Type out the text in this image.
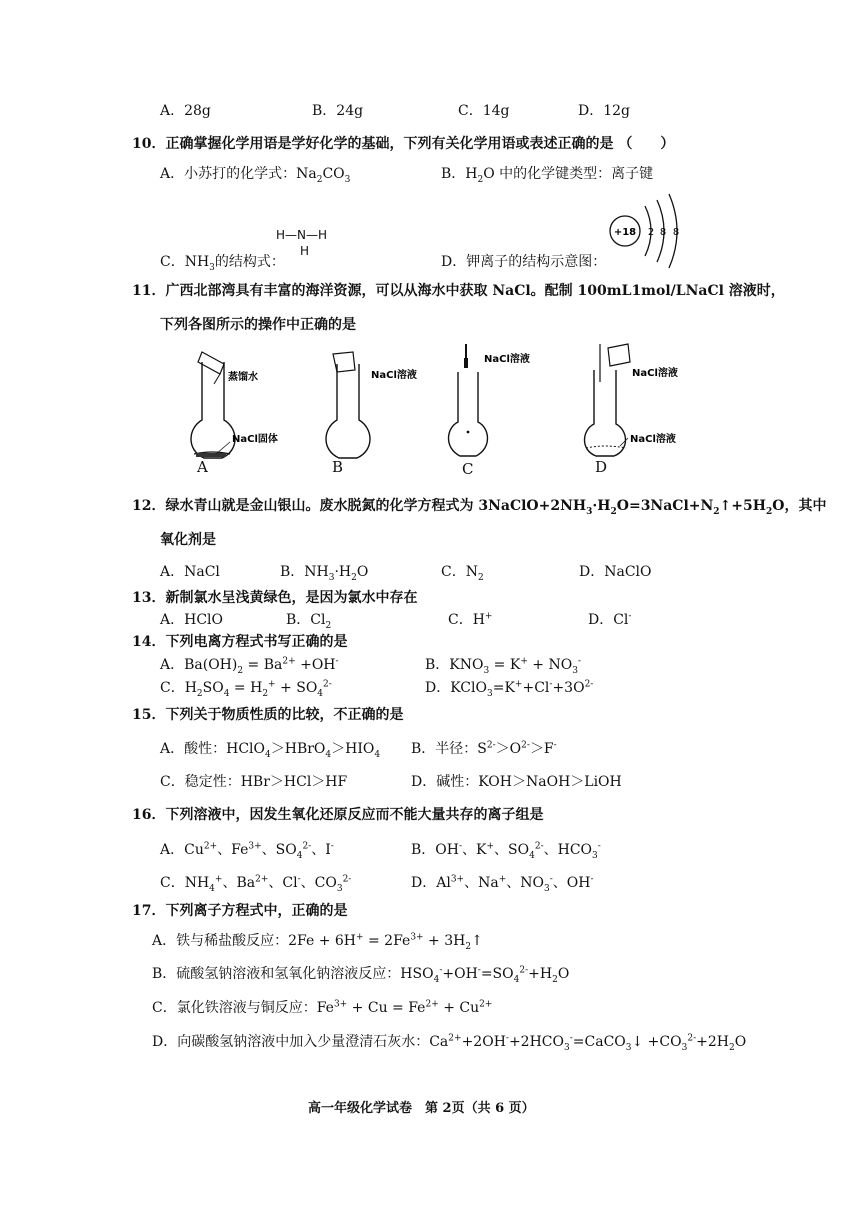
A．28g	B．24g	C．14g	D．12g
10．正确掌握化学用语是学好化学的基础，下列有关化学用语或表述正确的是 （　　）
A．小苏打的化学式：$Na_2CO_3$	B．$H_2O$ 中的化学键类型：离子键
H—N—H
H
C．$NH_3$的结构式：	D．钾离子的结构示意图：
+18 2 8 8
11．广西北部湾具有丰富的海洋资源，可以从海水中获取 NaCl。配制 100mL1mol/LNaCl 溶液时，
下列各图所示的操作中正确的是
蒸馏水
NaCl固体
A
NaCl溶液
B
NaCl溶液
C
NaCl溶液
NaCl溶液
D
12．绿水青山就是金山银山。废水脱氮的化学方程式为 $3NaClO+2NH_3\cdot H_2O=3NaCl+N_2↑+5H_2O$，其中
氧化剂是
A．NaCl	B．$NH_3\cdot H_2O$	C．$N_2$	D．NaClO
13．新制氯水呈浅黄绿色，是因为氯水中存在
A．HClO	B．$Cl_2$	C．H+	D．Cl-
14．下列电离方程式书写正确的是
A．$Ba(OH)_2 = Ba^{2+} +OH^-$	B．$KNO_3 = K^+ + NO_3^-$
C．$H_2SO_4 = H_2^+ + SO_4^{2-}$	D．$KClO_3=K^++Cl^-+3O^{2-}$
15．下列关于物质性质的比较，不正确的是
A．酸性：$HClO_4>HBrO_4>HIO_4$ B．半径：$S^{2-}>O^{2-}>F^-$
C．稳定性：HBr＞HCl＞HF	D．碱性：KOH＞NaOH＞LiOH
16．下列溶液中，因发生氧化还原反应而不能大量共存的离子组是
A．$Cu^{2+}$、$Fe^{3+}$、$SO_4^{2-}$、I-	B．OH-、K+、$SO_4^{2-}$、$HCO_3^-$
C．$NH_4^+$、$Ba^{2+}$、Cl-、$CO_3^{2-}$	D．$Al^{3+}$、Na+、$NO_3^-$、OH-
17．下列离子方程式中，正确的是
A．铁与稀盐酸反应：$2Fe + 6H^+ = 2Fe^{3+}$ + $3H_2↑$
B．硫酸氢钠溶液和氢氧化钠溶液反应：$HSO_4^-+OH^-=SO_4^{2-}+H_2O$
C．氯化铁溶液与铜反应：$Fe^{3+} + Cu = Fe^{2+} + Cu^{2+}$
D．向碳酸氢钠溶液中加入少量澄清石灰水：$Ca^{2+}+2OH^-+2HCO_3^-=CaCO_3↓ +CO_3^{2-}+2H_2O$
高一年级化学试卷　第 2页（共 6 页）
